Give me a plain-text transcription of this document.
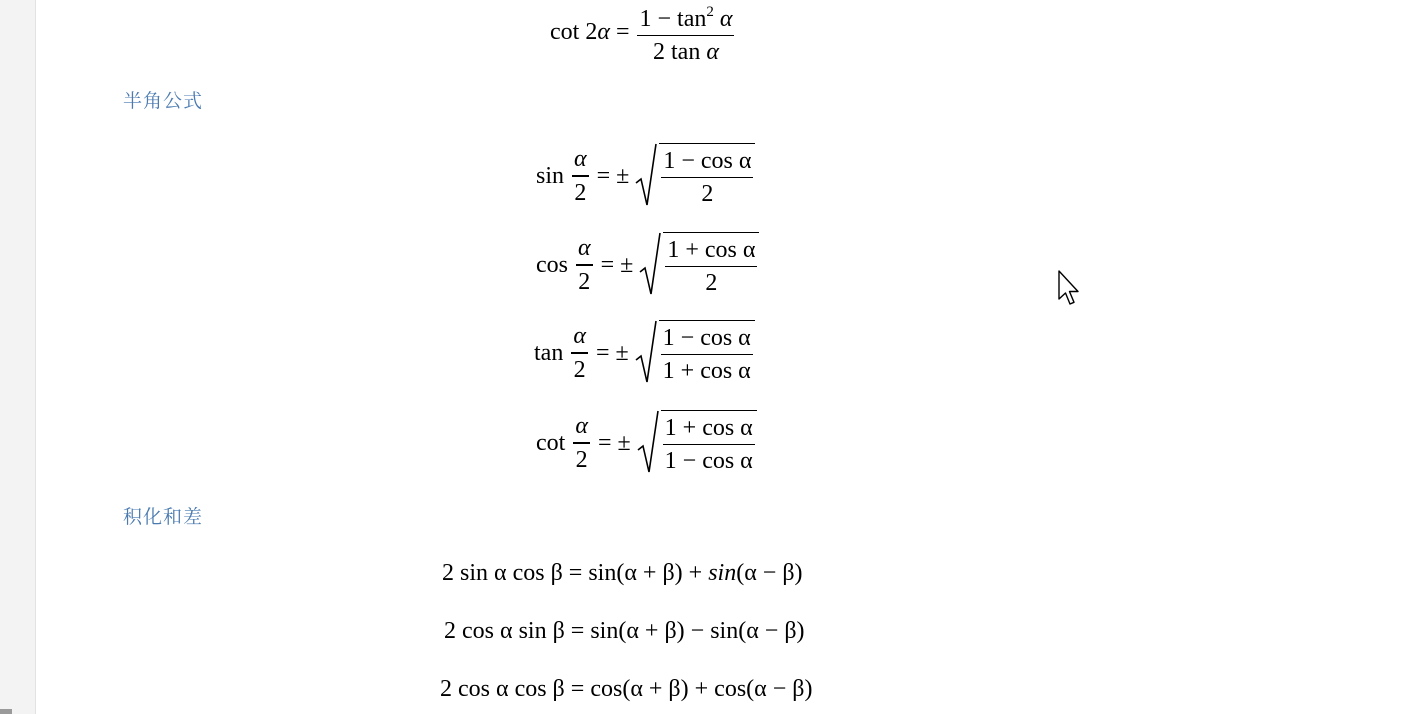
cot 2 $\alpha = \frac{1 - \tan^2 \alpha}{\text{2 tan α}}$
半角公式
$\sin \frac{\alpha}{2}$ = ± $\frac{\text{1 − cos α}}{2}$
$\cos \frac{\alpha}{2}$ = ± $\frac{\text{1 + cos α}}{2}$
$\tan \frac{\alpha}{2}$ = ± $\frac{\text{1 − cos α}}{\text{1 + cos α}}$
$\cot \frac{\alpha}{2}$ = ± $\frac{\text{1 + cos α}}{\text{1 − cos α}}$
积化和差
2 sin α cos β = sin(α + β) + sin (α − β)
2 cos α sin β = sin(α + β) − sin(α − β)
2 cos α cos β = cos(α + β) + cos(α − β)
